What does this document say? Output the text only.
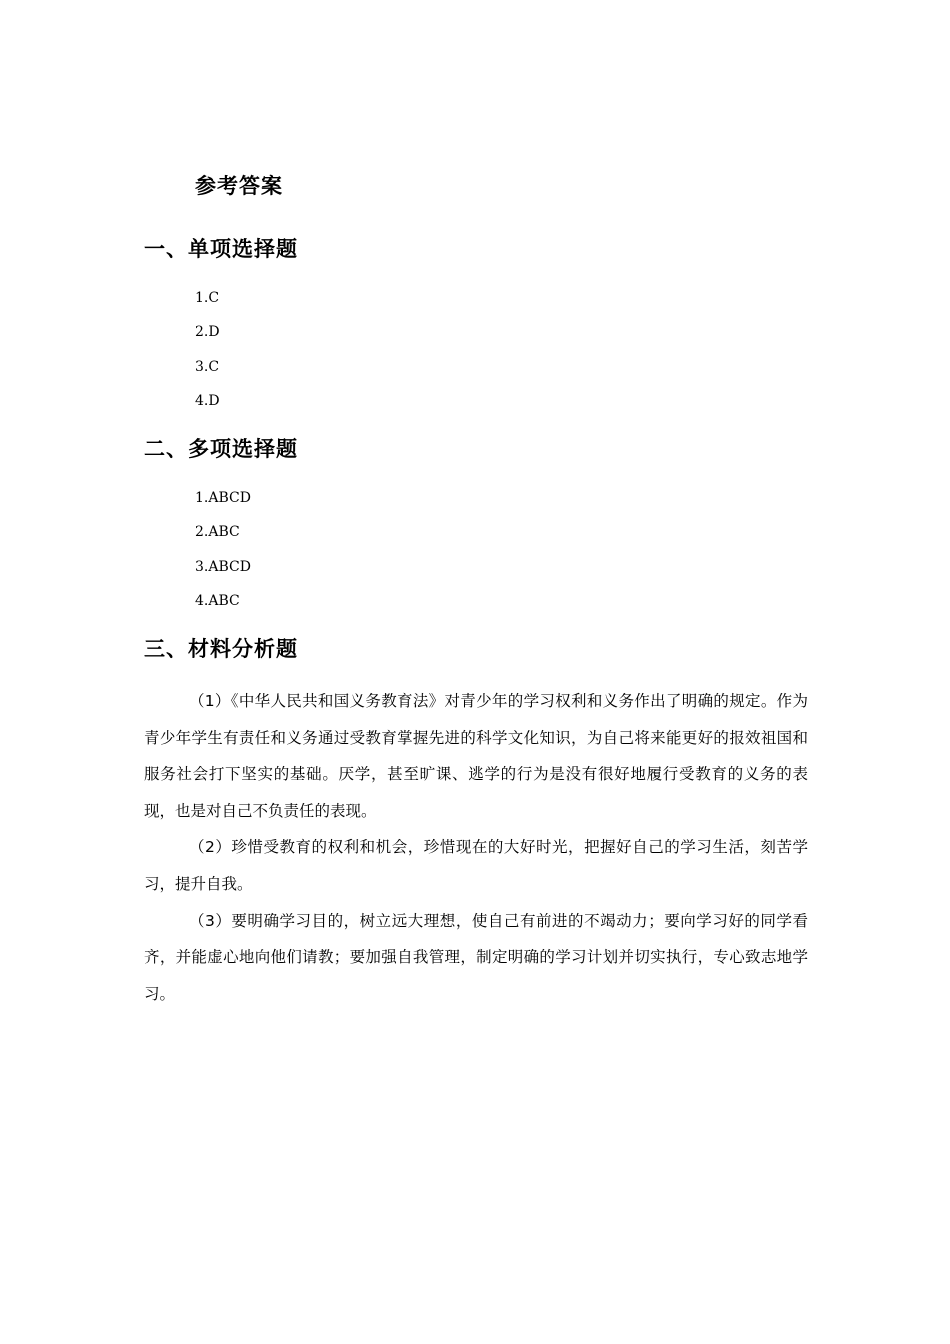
参考答案
一、单项选择题
1.C
2.D
3.C
4.D
二、多项选择题
1.ABCD
2.ABC
3.ABCD
4.ABC
三、材料分析题

（1）《中华人民共和国义务教育法》对青少年的学习权利和义务作出了明确的规定。作为青少年学生有责任和义务通过受教育掌握先进的科学文化知识，为自己将来能更好的报效祖国和服务社会打下坚实的基础。厌学，甚至旷课、逃学的行为是没有很好地履行受教育的义务的表现，也是对自己不负责任的表现。

（2）珍惜受教育的权利和机会，珍惜现在的大好时光，把握好自己的学习生活，刻苦学习，提升自我。

（3）要明确学习目的，树立远大理想，使自己有前进的不竭动力；要向学习好的同学看齐，并能虚心地向他们请教；要加强自我管理，制定明确的学习计划并切实执行，专心致志地学习。
